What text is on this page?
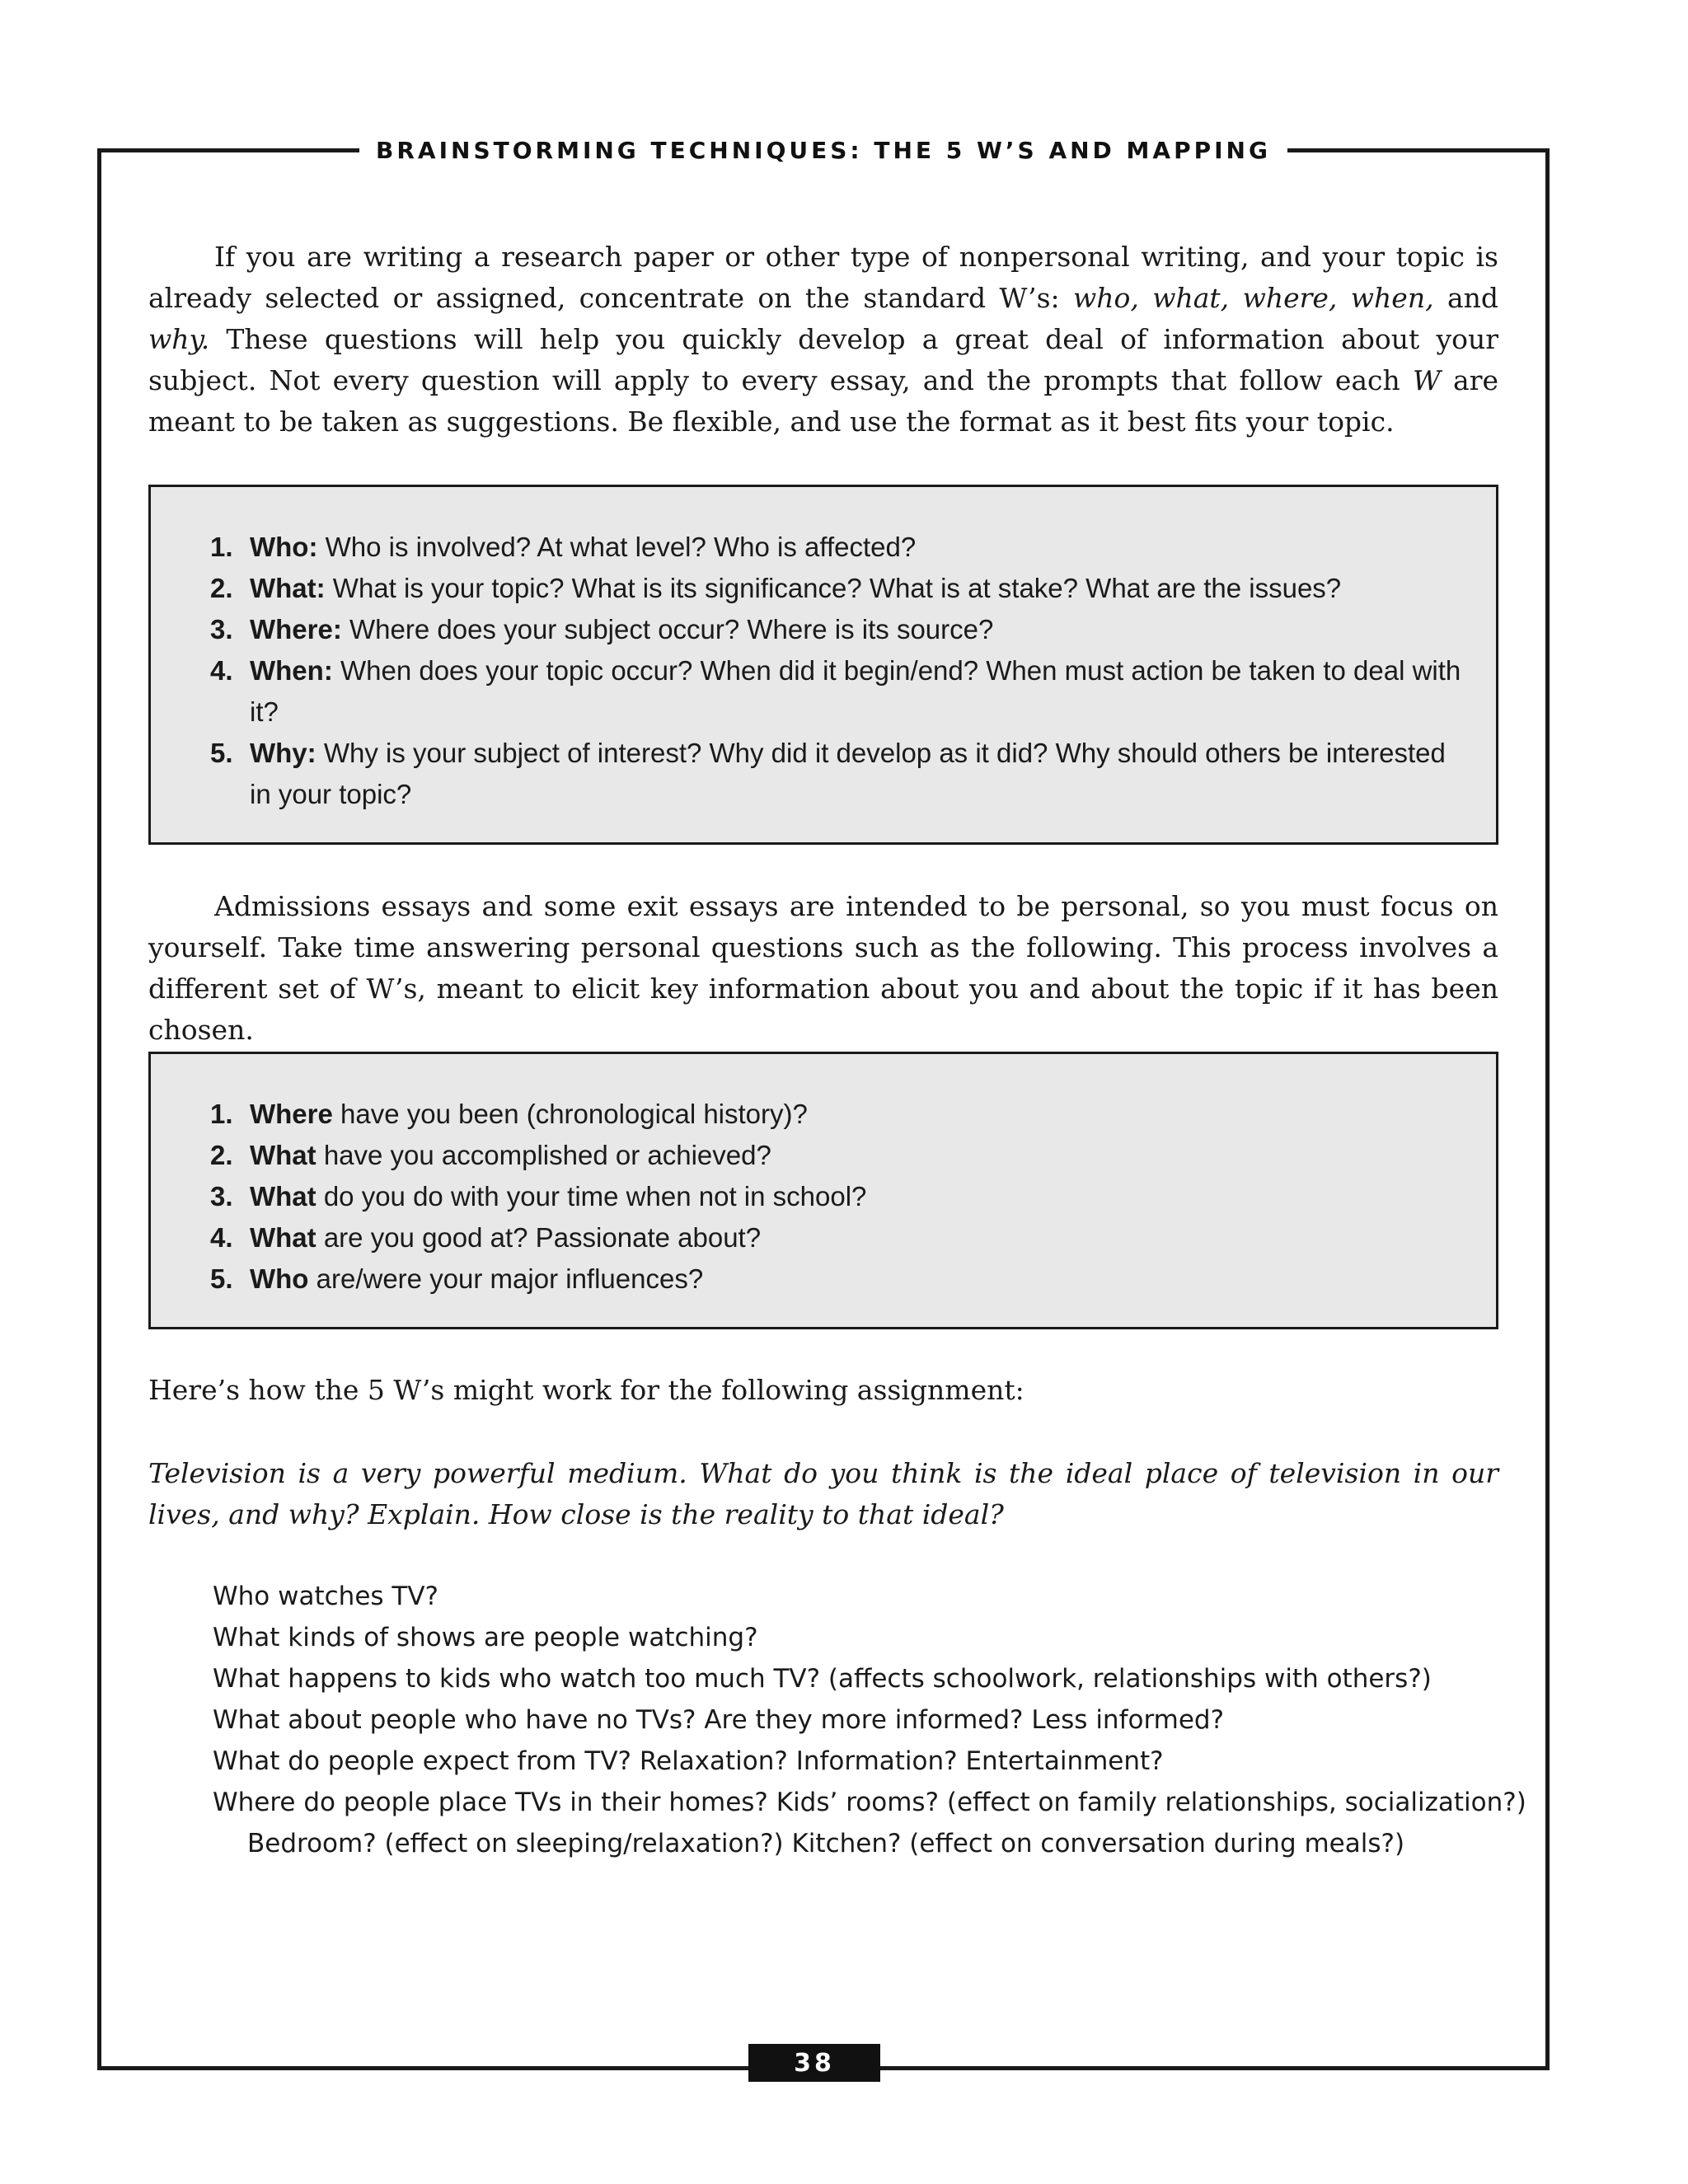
BRAINSTORMING TECHNIQUES: THE 5 W’S AND MAPPING
If you are writing a research paper or other type of nonpersonal writing, and your topic is already selected or assigned, concentrate on the standard W’s: who, what, where, when, and why. These questions will help you quickly develop a great deal of information about your subject. Not every question will apply to every essay, and the prompts that follow each W are meant to be taken as suggestions. Be flexible, and use the format as it best fits your topic.
1. Who: Who is involved? At what level? Who is affected?
2. What: What is your topic? What is its significance? What is at stake? What are the issues?
3. Where: Where does your subject occur? Where is its source?
4. When: When does your topic occur? When did it begin/end? When must action be taken to deal with it?
5. Why: Why is your subject of interest? Why did it develop as it did? Why should others be interested in your topic?
Admissions essays and some exit essays are intended to be personal, so you must focus on yourself. Take time answering personal questions such as the following. This process involves a different set of W’s, meant to elicit key information about you and about the topic if it has been chosen.
1. Where have you been (chronological history)?
2. What have you accomplished or achieved?
3. What do you do with your time when not in school?
4. What are you good at? Passionate about?
5. Who are/were your major influences?
Here’s how the 5 W’s might work for the following assignment:
Television is a very powerful medium. What do you think is the ideal place of television in our lives, and why? Explain. How close is the reality to that ideal?
Who watches TV?
What kinds of shows are people watching?
What happens to kids who watch too much TV? (affects schoolwork, relationships with others?)
What about people who have no TVs? Are they more informed? Less informed?
What do people expect from TV? Relaxation? Information? Entertainment?
Where do people place TVs in their homes? Kids’ rooms? (effect on family relationships, socialization?)
Bedroom? (effect on sleeping/relaxation?) Kitchen? (effect on conversation during meals?)
38
